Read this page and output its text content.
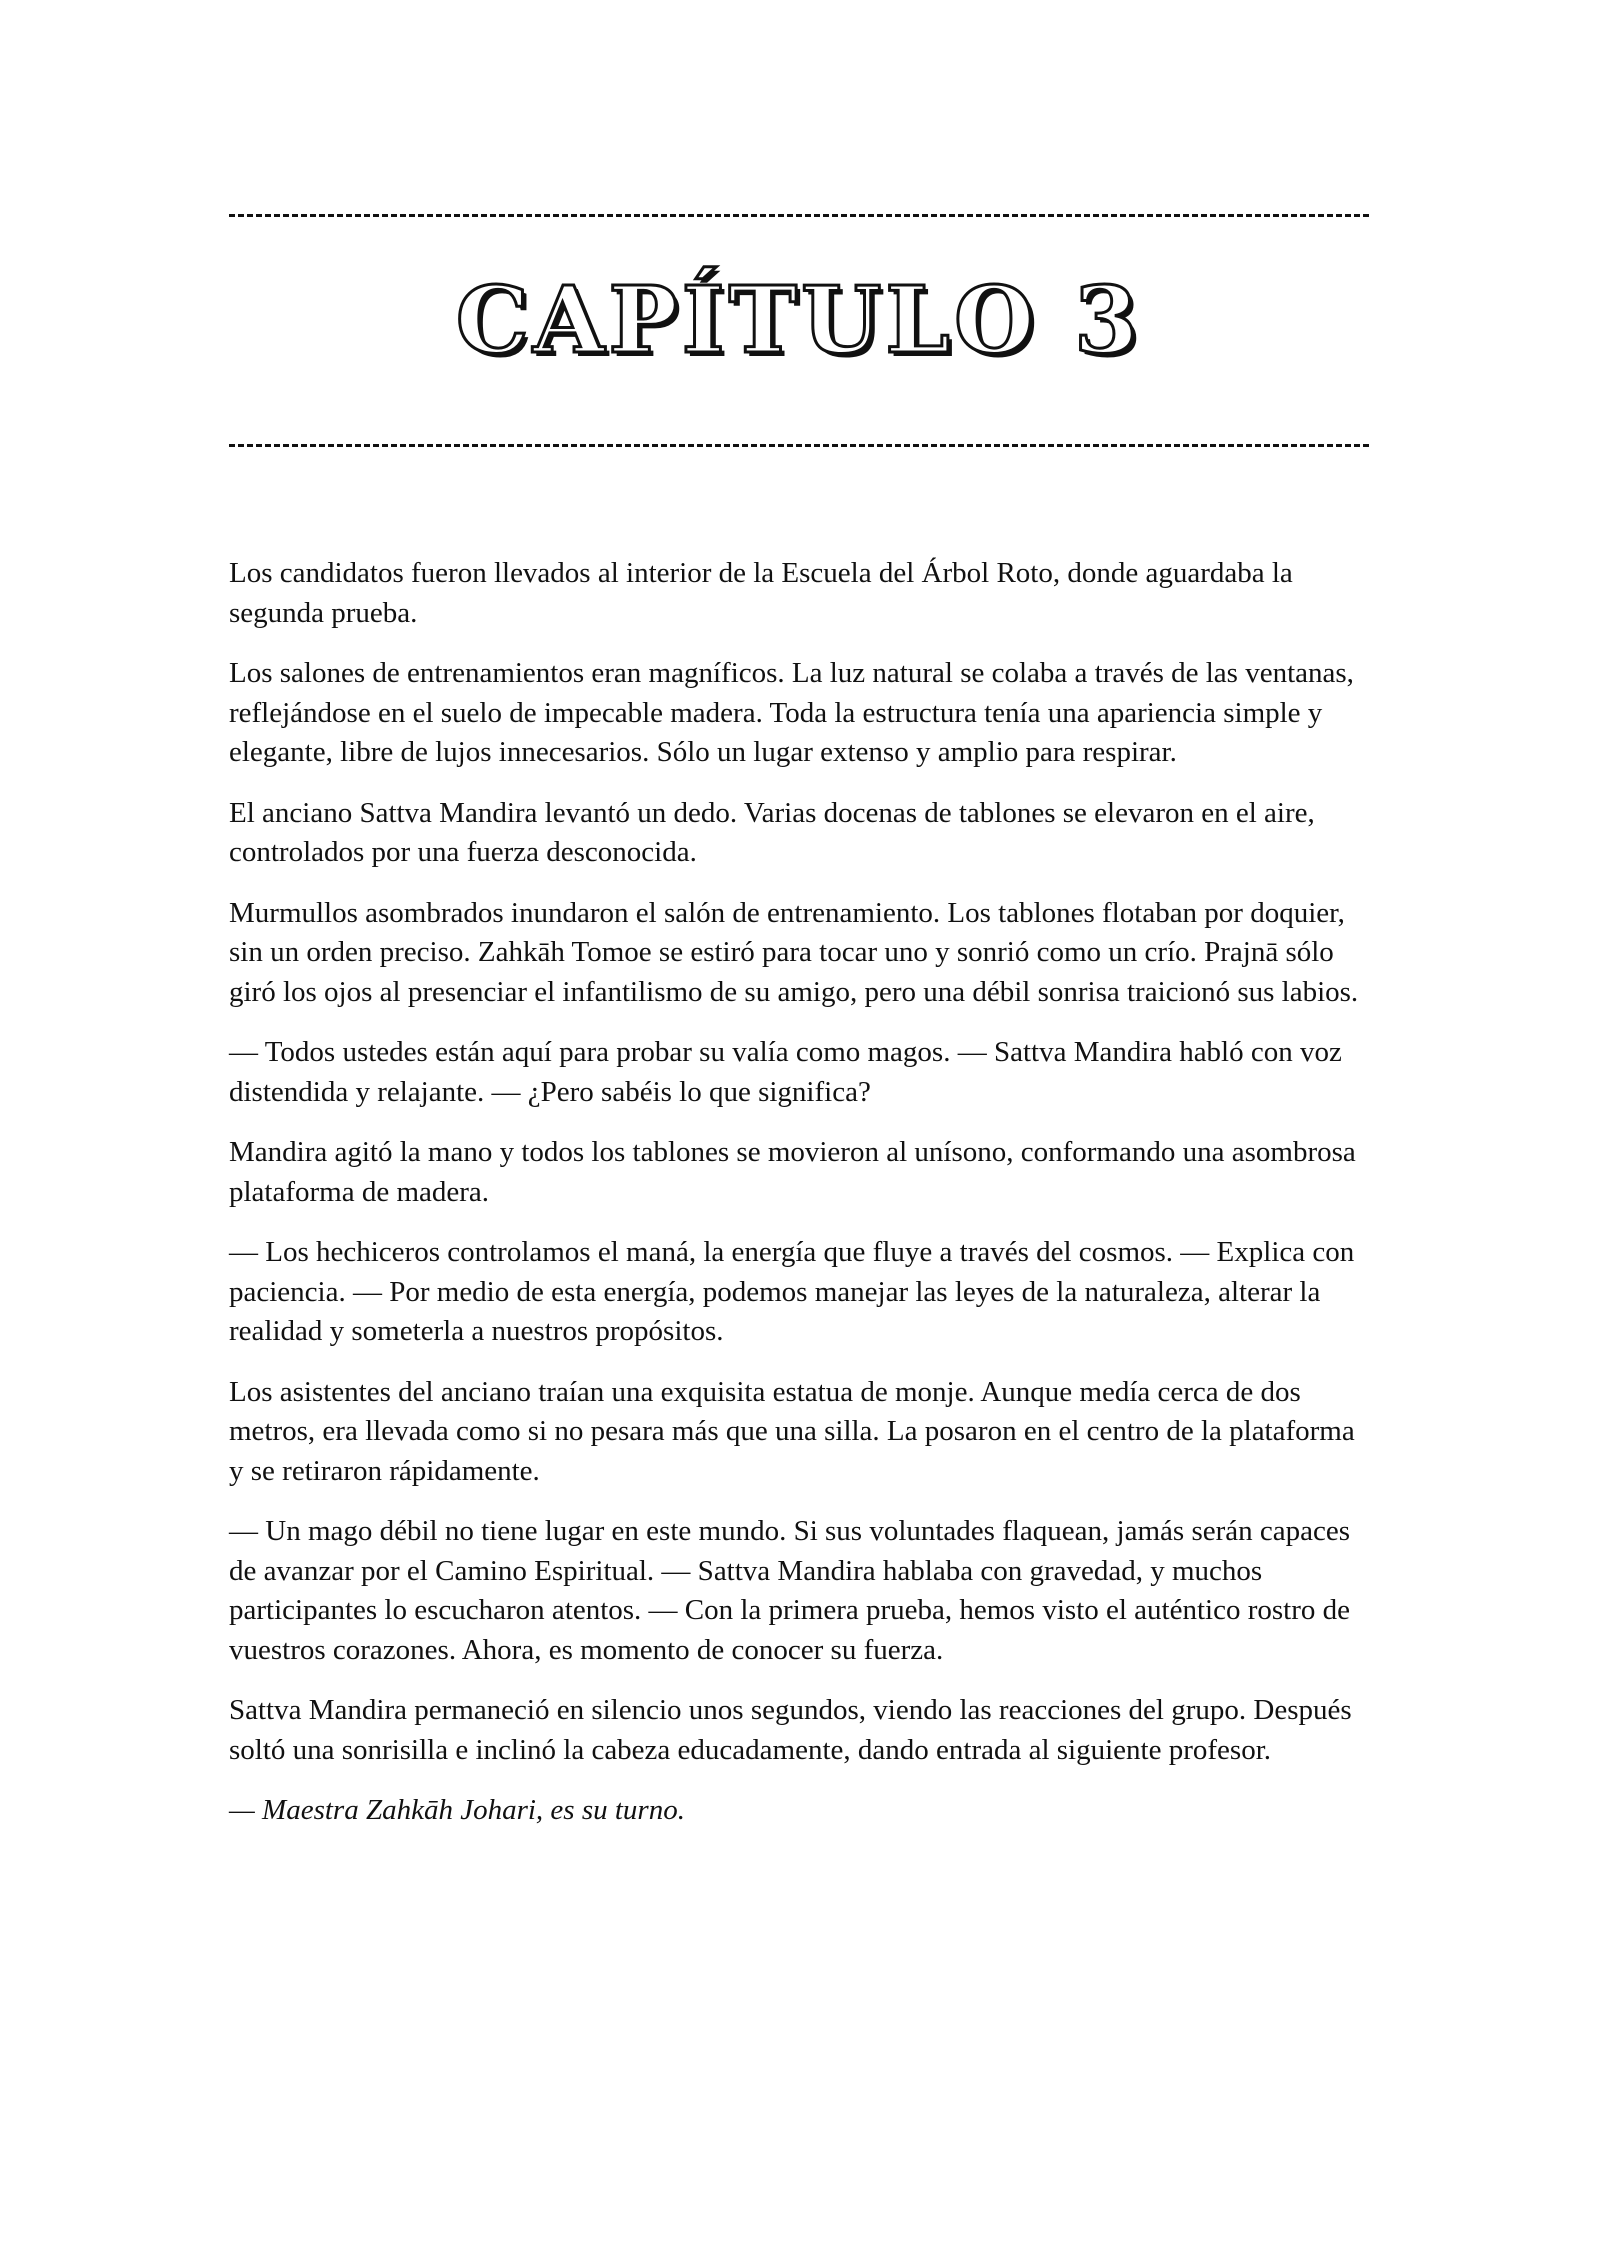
CAPÍTULO 3

Los candidatos fueron llevados al interior de la Escuela del Árbol Roto, donde aguardaba la segunda prueba.

Los salones de entrenamientos eran magníficos. La luz natural se colaba a través de las ventanas, reflejándose en el suelo de impecable madera. Toda la estructura tenía una apariencia simple y elegante, libre de lujos innecesarios. Sólo un lugar extenso y amplio para respirar.

El anciano Sattva Mandira levantó un dedo. Varias docenas de tablones se elevaron en el aire, controlados por una fuerza desconocida.

Murmullos asombrados inundaron el salón de entrenamiento. Los tablones flotaban por doquier, sin un orden preciso. Zahkāh Tomoe se estiró para tocar uno y sonrió como un crío. Prajnā sólo giró los ojos al presenciar el infantilismo de su amigo, pero una débil sonrisa traicionó sus labios.

— Todos ustedes están aquí para probar su valía como magos. — Sattva Mandira habló con voz distendida y relajante. — ¿Pero sabéis lo que significa?

Mandira agitó la mano y todos los tablones se movieron al unísono, conformando una asombrosa plataforma de madera.

— Los hechiceros controlamos el maná, la energía que fluye a través del cosmos. — Explica con paciencia. — Por medio de esta energía, podemos manejar las leyes de la naturaleza, alterar la realidad y someterla a nuestros propósitos.

Los asistentes del anciano traían una exquisita estatua de monje. Aunque medía cerca de dos metros, era llevada como si no pesara más que una silla. La posaron en el centro de la plataforma y se retiraron rápidamente.

— Un mago débil no tiene lugar en este mundo. Si sus voluntades flaquean, jamás serán capaces de avanzar por el Camino Espiritual. — Sattva Mandira hablaba con gravedad, y muchos participantes lo escucharon atentos. — Con la primera prueba, hemos visto el auténtico rostro de vuestros corazones. Ahora, es momento de conocer su fuerza.

Sattva Mandira permaneció en silencio unos segundos, viendo las reacciones del grupo. Después soltó una sonrisilla e inclinó la cabeza educadamente, dando entrada al siguiente profesor.

— Maestra Zahkāh Johari, es su turno.
